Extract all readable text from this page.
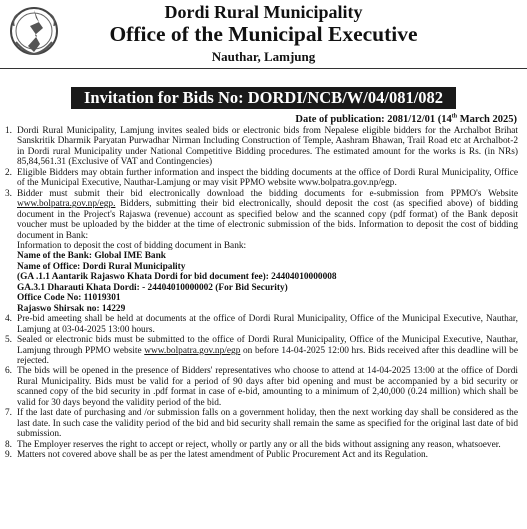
Dordi Rural Municipality
Office of the Municipal Executive
Nauthar, Lamjung
Invitation for Bids No: DORDI/NCB/W/04/081/082
Date of publication: 2081/12/01 (14th March 2025)
1. Dordi Rural Municipality, Lamjung invites sealed bids or electronic bids from Nepalese eligible bidders for the Archalbot Brihat Sanskritik Dharmik Paryatan Purwadhar Nirman Including Construction of Temple, Aashram Bhawan, Trail Road etc at Archalbot-2 in Dordi rural Municipality under National Competitive Bidding procedures. The estimated amount for the works is Rs. (in NRs) 85,84,561.31 (Exclusive of VAT and Contingencies)
2. Eligible Bidders may obtain further information and inspect the bidding documents at the office of Dordi Rural Municipality, Office of the Municipal Executive, Nauthar-Lamjung or may visit PPMO website www.bolpatra.gov.np/egp.
3. Bidder must submit their bid electronically download the bidding documents for e-submission from PPMO's Website www.bolpatra.gov.np/egp. Bidders, submitting their bid electronically, should deposit the cost (as specified above) of bidding document in the Project's Rajaswa (revenue) account as specified below and the scanned copy (pdf format) of the Bank deposit voucher must be uploaded by the bidder at the time of electronic submission of the bids. Information to deposit the cost of bidding document in Bank:
Information to deposit the cost of bidding document in Bank:
Name of the Bank: Global IME Bank
Name of Office: Dordi Rural Municipality
(GA .1.1 Aantarik Rajaswo Khata Dordi for bid document fee): 24404010000008
GA.3.1 Dharauti Khata Dordi: - 24404010000002 (For Bid Security)
Office Code No: 11019301
Rajaswo Shirsak no: 14229
4. Pre-bid ameeting shall be held at documents at the office of Dordi Rural Municipality, Office of the Municipal Executive, Nauthar, Lamjung at 03-04-2025 13:00 hours.
5. Sealed or electronic bids must be submitted to the office of Dordi Rural Municipality, Office of the Municipal Executive, Nauthar, Lamjung through PPMO website www.bolpatra.gov.np/egp on before 14-04-2025 12:00 hrs. Bids received after this deadline will be rejected.
6. The bids will be opened in the presence of Bidders' representatives who choose to attend at 14-04-2025 13:00 at the office of Dordi Rural Municipality. Bids must be valid for a period of 90 days after bid opening and must be accompanied by a bid security or scanned copy of the bid security in .pdf format in case of e-bid, amounting to a minimum of 2,40,000 (0.24 million) which shall be valid for 30 days beyond the validity period of the bid.
7. If the last date of purchasing and /or submission falls on a government holiday, then the next working day shall be considered as the last date. In such case the validity period of the bid and bid security shall remain the same as specified for the original last date of bid submission.
8. The Employer reserves the right to accept or reject, wholly or partly any or all the bids without assigning any reason, whatsoever.
9. Matters not covered above shall be as per the latest amendment of Public Procurement Act and its Regulation.
